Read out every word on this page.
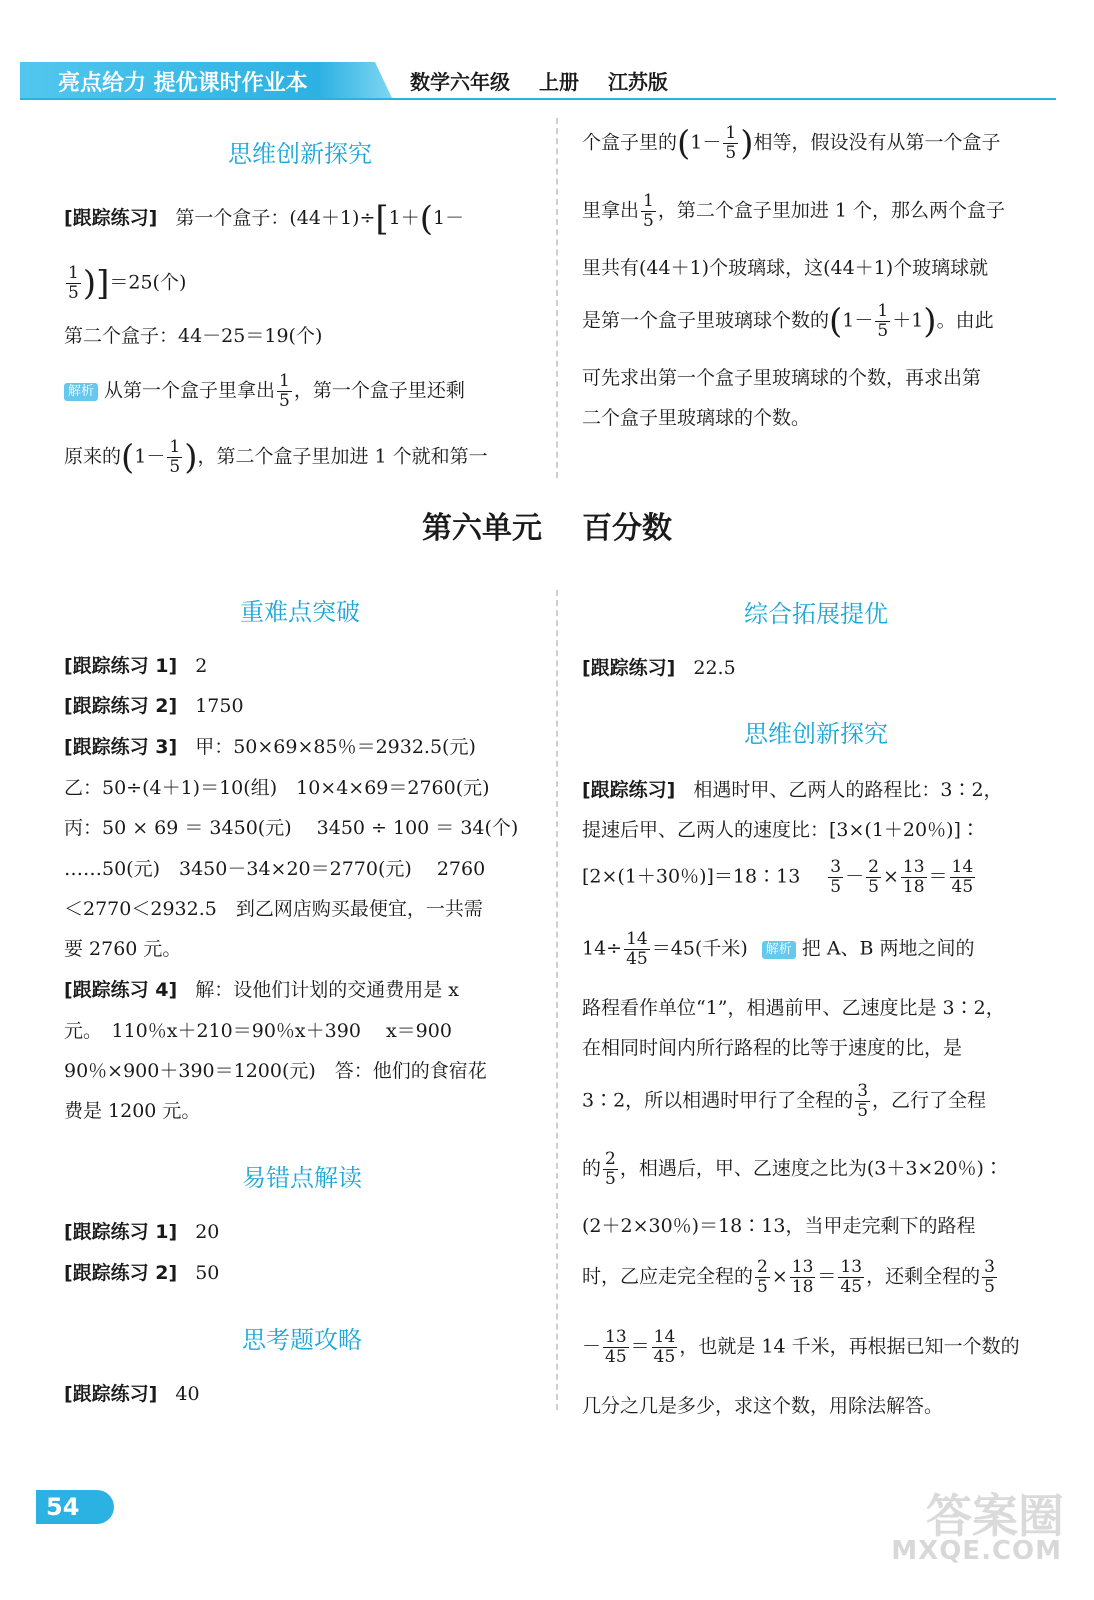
亮点给力 提优课时作业本	数学六年级 上册 江苏版
思维创新探究
[跟踪练习] 第一个盒子：(44＋1)÷[1＋(1－
$\frac{1}{5} )]=25$(个)
第二个盒子：44－25＝19(个)
解析 从第一个盒子里拿出 $\frac{1}{5}$ ，第一个盒子里还剩
原来的($1- \frac{1}{5}$ )，第二个盒子里加进 1 个就和第一
个盒子里的($1- \frac{1}{5}$ )相等，假设没有从第一个盒子
里拿出 $\frac{1}{5}$ ，第二个盒子里加进 1 个，那么两个盒子
里共有(44＋1)个玻璃球，这(44＋1)个玻璃球就
是第一个盒子里玻璃球个数的$(1- \frac{1}{5} +1)$。由此
可先求出第一个盒子里玻璃球的个数，再求出第
二个盒子里玻璃球的个数。
第六单元 百分数
重难点突破
[跟踪练习 1] 2
[跟踪练习 2] 1750
[跟踪练习 3] 甲：50×69×85％＝2932.5(元)
乙：50÷(4＋1)＝10(组)　10×4×69＝2760(元)
丙：50 × 69 ＝ 3450(元)　 3450 ÷ 100 ＝ 34(个)
……50(元)　3450－34×20＝2770(元)　 2760
＜2770＜2932.5　到乙网店购买最便宜，一共需
要 2760 元。
[跟踪练习 4] 解：设他们计划的交通费用是 x
元。　110％x＋210＝90％x＋390　 x＝900
90％×900＋390＝1200(元)　答：他们的食宿花
费是 1200 元。
易错点解读
[跟踪练习 1] 20
[跟踪练习 2] 50
思考题攻略
[跟踪练习] 40
综合拓展提优
[跟踪练习] 22.5
思维创新探究
[跟踪练习] 相遇时甲、乙两人的路程比：3∶2，
提速后甲、乙两人的速度比：[3×(1＋20％)]∶
[2×(1＋30％)]＝18∶13 $\frac{3}{5} - \frac{2}{5} \times \frac{13}{18} = \frac{14}{45}$
$14\div \frac{14}{45} =45$(千米) 解析 把 A、B 两地之间的
路程看作单位“1”，相遇前甲、乙速度比是 3∶2，
在相同时间内所行路程的比等于速度的比，是
3∶2，所以相遇时甲行了全程的 $\frac{3}{5}$ ，乙行了全程
的 $\frac{2}{5}$ ，相遇后，甲、乙速度之比为(3＋3×20％)∶
(2＋2×30％)＝18∶13，当甲走完剩下的路程
时，乙应走完全程的 $\frac{2}{5} \times \frac{13}{18} = \frac{13}{45}$ ，还剩全程的 $\frac{3}{5}$
－ $\frac{13}{45} = \frac{14}{45}$ ，也就是 14 千米，再根据已知一个数的
几分之几是多少，求这个数，用除法解答。
54	答案圈
MXQE.COM
